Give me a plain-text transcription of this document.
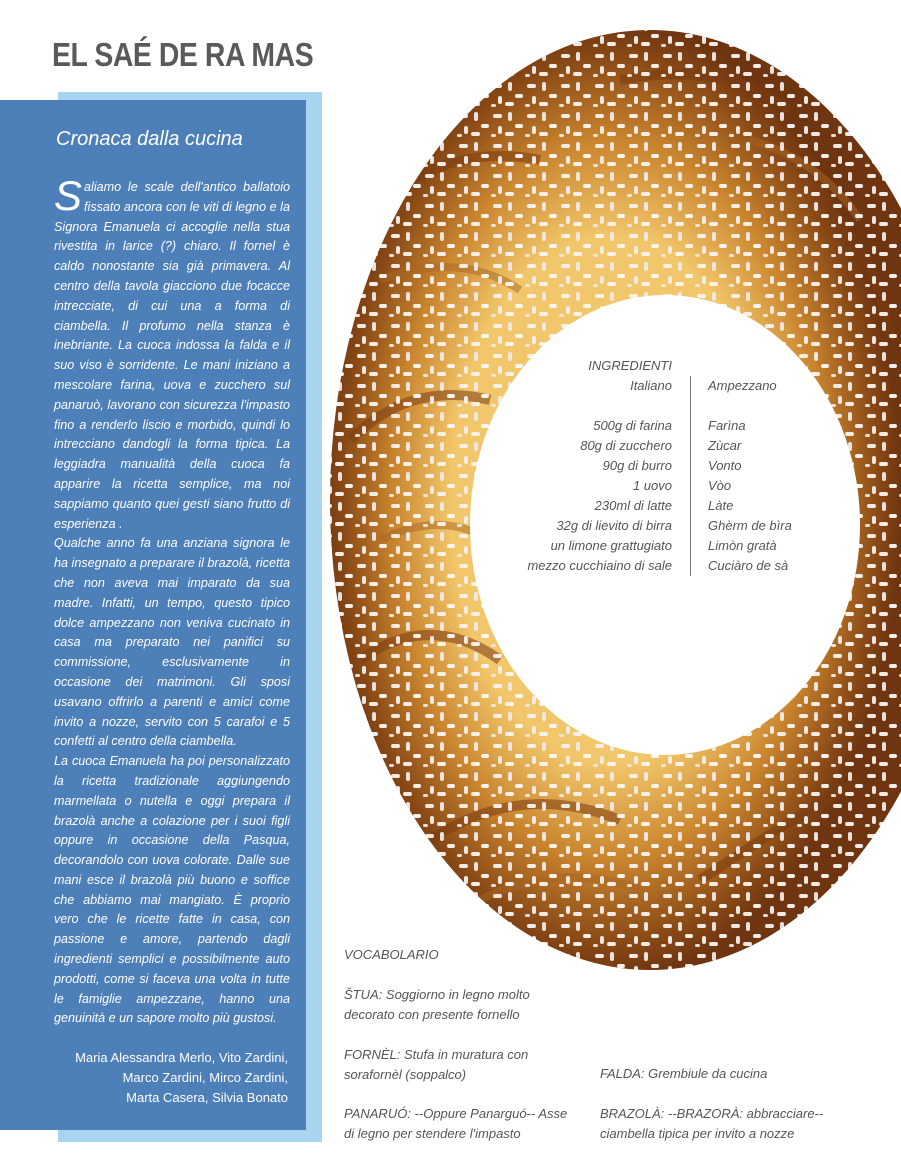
EL SAÉ DE RA MAS
Cronaca dalla cucina

Saliamo le scale dell'antico ballatoio fissato ancora con le viti di legno e la Signora Emanuela ci accoglie nella stua rivestita in larice (?) chiaro. Il fornel è caldo nonostante sia già primavera. Al centro della tavola giacciono due focacce intrecciate, di cui una a forma di ciambella. Il profumo nella stanza è inebriante. La cuoca indossa la falda e il suo viso è sorridente. Le mani iniziano a mescolare farina, uova e zucchero sul panaruò, lavorano con sicurezza l'impasto fino a renderlo liscio e morbido, quindi lo intrecciano dandogli la forma tipica. La leggiadra manualità della cuoca fa apparire la ricetta semplice, ma noi sappiamo quanto quei gesti siano frutto di esperienza .

Qualche anno fa una anziana signora le ha insegnato a preparare il brazolà, ricetta che non aveva mai imparato da sua madre. Infatti, un tempo, questo tipico dolce ampezzano non veniva cucinato in casa ma preparato nei panifici su commissione, esclusivamente in occasione dei matrimoni. Gli sposi usavano offrirlo a parenti e amici come invito a nozze, servito con 5 carafoi e 5 confetti al centro della ciambella.

La cuoca Emanuela ha poi personalizzato la ricetta tradizionale aggiungendo marmellata o nutella e oggi prepara il brazolà anche a colazione per i suoi figli oppure in occasione della Pasqua, decorandolo con uova colorate. Dalle sue mani esce il brazolà più buono e soffice che abbiamo mai mangiato. È proprio vero che le ricette fatte in casa, con passione e amore, partendo dagli ingredienti semplici e possibilmente auto prodotti, come si faceva una volta in tutte le famiglie ampezzane, hanno una genuinità e un sapore molto più gustosi.

Maria Alessandra Merlo, Vito Zardini,
Marco Zardini, Mirco Zardini,
Marta Casera, Silvia Bonato
INGREDIENTI
Italiano
500g di farina
80g di zucchero
90g di burro
1 uovo
230ml di latte
32g di lievito di birra
un limone grattugiato
mezzo cucchiaino di sale
Ampezzano
Farìna
Zùcar
Vonto
Vòo
Làte
Ghèrm de bìra
Limòn gratà
Cuciàro de sà
VOCABOLARIO
ŠTUA: Soggiorno in legno molto decorato con presente fornello
FORNÈL: Stufa in muratura con sorafornèl (soppalco)
PANARUÓ: --Oppure Panarguó-- Asse di legno per stendere l'impasto
FALDA: Grembiule da cucina
BRAZOLÀ: --BRAZORÀ: abbracciare-- ciambella tipica per invito a nozze
